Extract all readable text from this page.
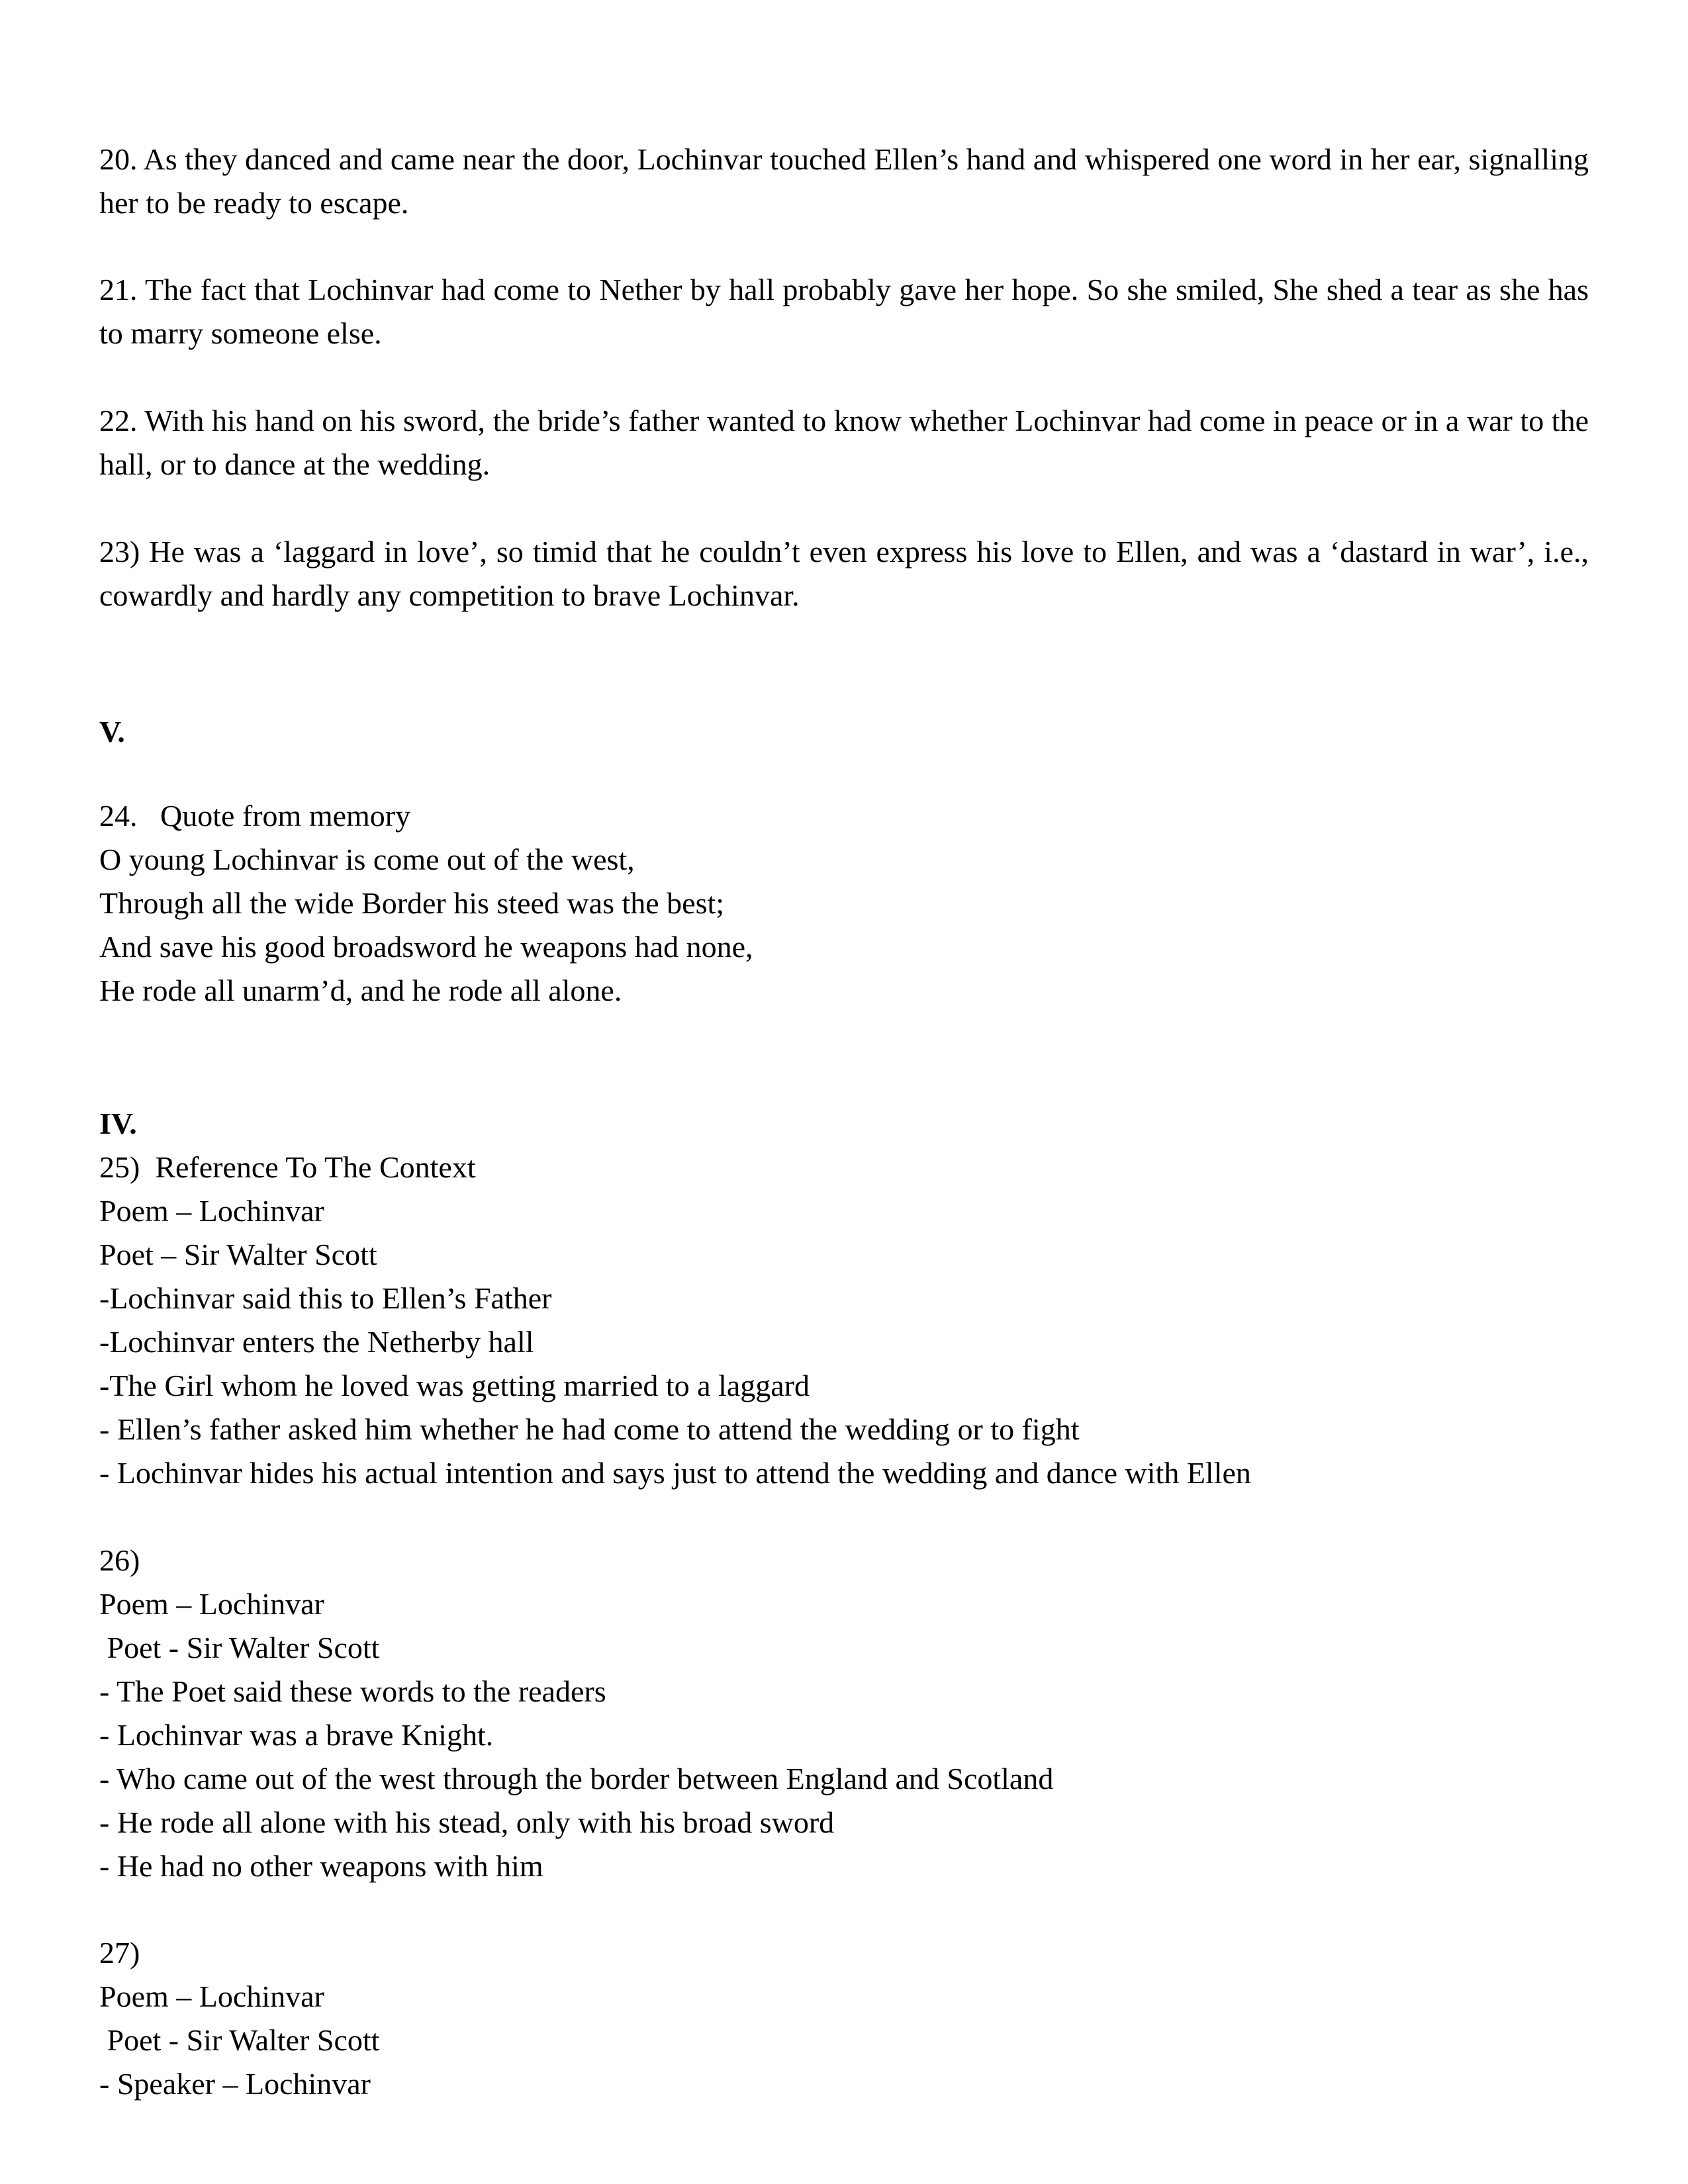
20. As they danced and came near the door, Lochinvar touched Ellen’s hand and whispered one word in her ear, signalling her to be ready to escape.

21. The fact that Lochinvar had come to Nether by hall probably gave her hope. So she smiled, She shed a tear as she has to marry someone else.

22. With his hand on his sword, the bride’s father wanted to know whether Lochinvar had come in peace or in a war to the hall, or to dance at the wedding.

23) He was a ‘laggard in love’, so timid that he couldn’t even express his love to Ellen, and was a ‘dastard in war’, i.e., cowardly and hardly any competition to brave Lochinvar.

V.

24.   Quote from memory
O young Lochinvar is come out of the west,
Through all the wide Border his steed was the best;
And save his good broadsword he weapons had none,
He rode all unarm’d, and he rode all alone.

IV.

25)  Reference To The Context
Poem – Lochinvar
Poet – Sir Walter Scott
-Lochinvar said this to Ellen’s Father
-Lochinvar enters the Netherby hall
-The Girl whom he loved was getting married to a laggard
- Ellen’s father asked him whether he had come to attend the wedding or to fight
- Lochinvar hides his actual intention and says just to attend the wedding and dance with Ellen
26)
Poem – Lochinvar
Poet - Sir Walter Scott
- The Poet said these words to the readers
- Lochinvar was a brave Knight.
- Who came out of the west through the border between England and Scotland
- He rode all alone with his stead, only with his broad sword
- He had no other weapons with him
27)
Poem – Lochinvar
Poet - Sir Walter Scott
- Speaker – Lochinvar
